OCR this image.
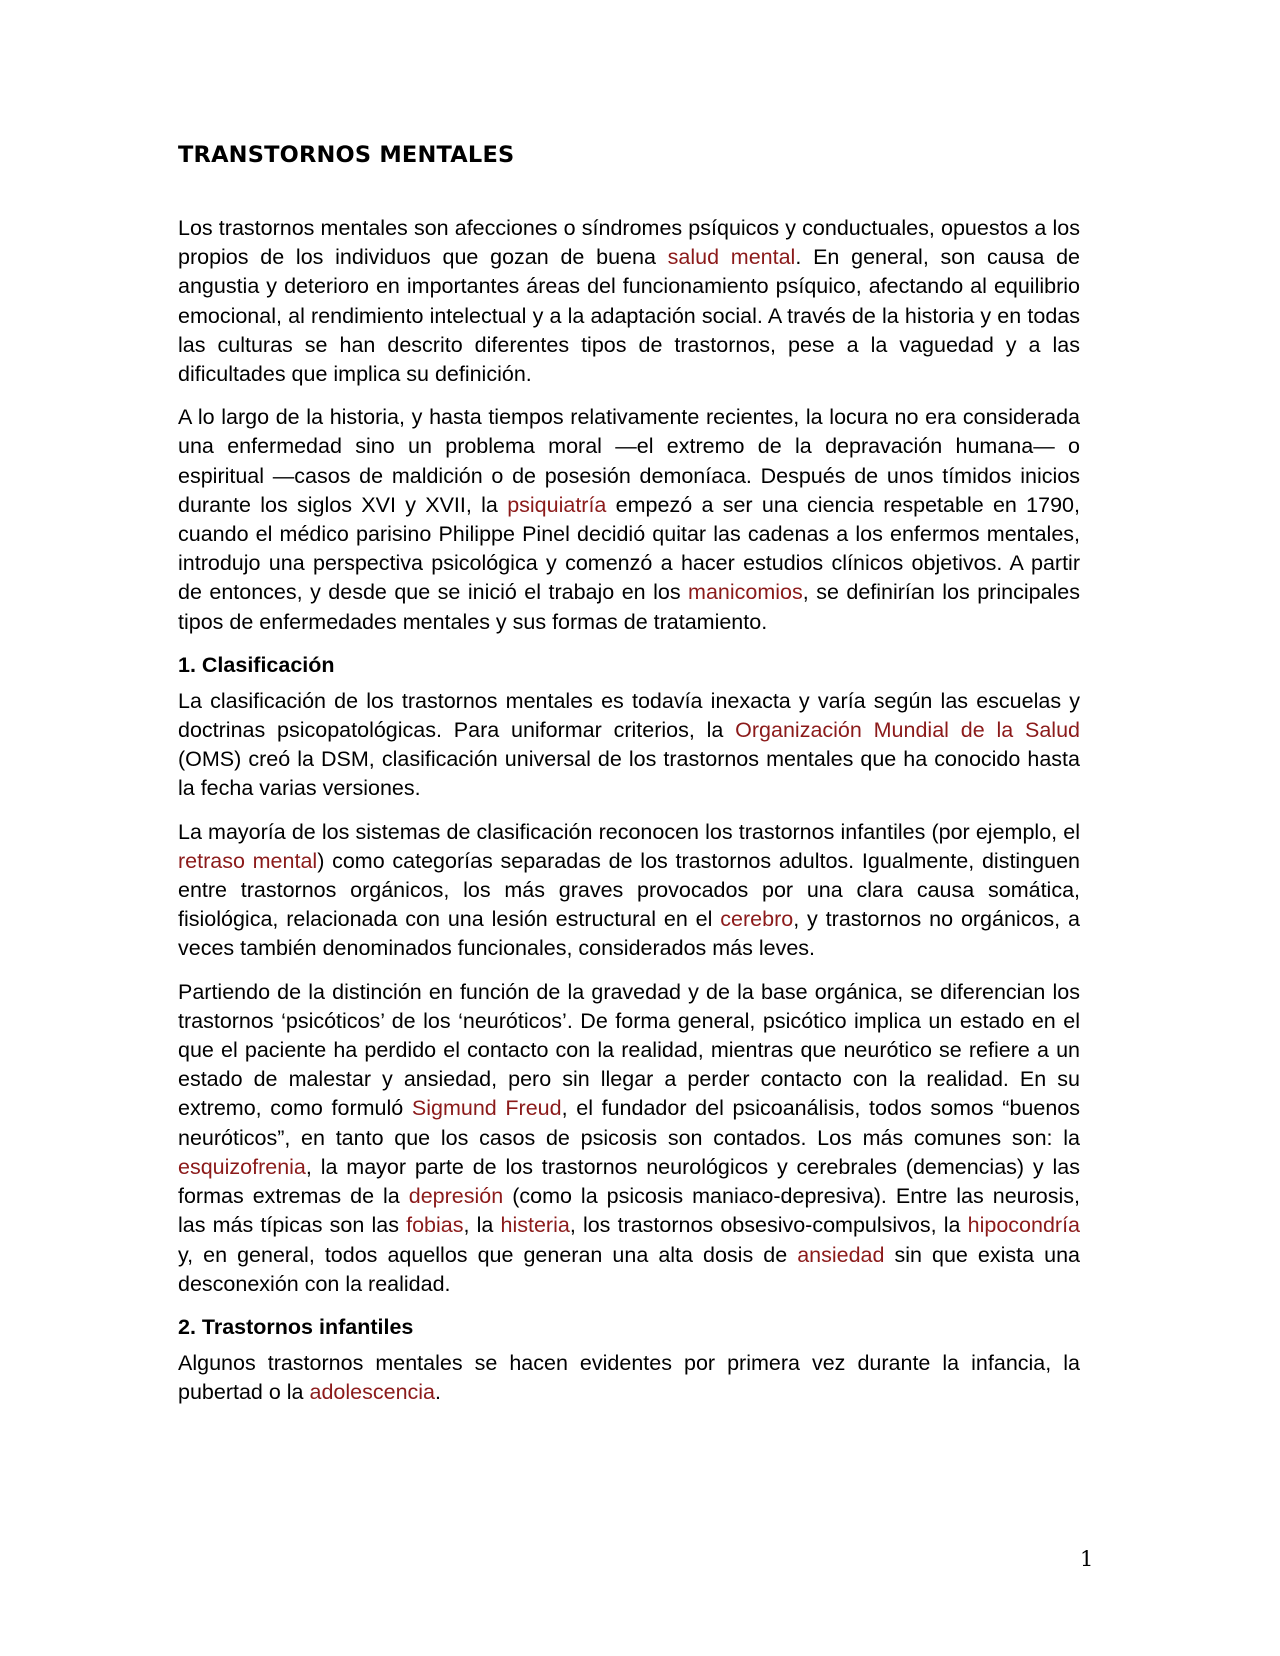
TRANSTORNOS MENTALES

Los trastornos mentales son afecciones o síndromes psíquicos y conductuales, opuestos a los propios de los individuos que gozan de buena salud mental. En general, son causa de angustia y deterioro en importantes áreas del funcionamiento psíquico, afectando al equilibrio emocional, al rendimiento intelectual y a la adaptación social. A través de la historia y en todas las culturas se han descrito diferentes tipos de trastornos, pese a la vaguedad y a las dificultades que implica su definición.

A lo largo de la historia, y hasta tiempos relativamente recientes, la locura no era considerada una enfermedad sino un problema moral —el extremo de la depravación humana— o espiritual —casos de maldición o de posesión demoníaca. Después de unos tímidos inicios durante los siglos XVI y XVII, la psiquiatría empezó a ser una ciencia respetable en 1790, cuando el médico parisino Philippe Pinel decidió quitar las cadenas a los enfermos mentales, introdujo una perspectiva psicológica y comenzó a hacer estudios clínicos objetivos. A partir de entonces, y desde que se inició el trabajo en los manicomios, se definirían los principales tipos de enfermedades mentales y sus formas de tratamiento.

1. Clasificación

La clasificación de los trastornos mentales es todavía inexacta y varía según las escuelas y doctrinas psicopatológicas. Para uniformar criterios, la Organización Mundial de la Salud (OMS) creó la DSM, clasificación universal de los trastornos mentales que ha conocido hasta la fecha varias versiones.

La mayoría de los sistemas de clasificación reconocen los trastornos infantiles (por ejemplo, el retraso mental) como categorías separadas de los trastornos adultos. Igualmente, distinguen entre trastornos orgánicos, los más graves provocados por una clara causa somática, fisiológica, relacionada con una lesión estructural en el cerebro, y trastornos no orgánicos, a veces también denominados funcionales, considerados más leves.

Partiendo de la distinción en función de la gravedad y de la base orgánica, se diferencian los trastornos ‘psicóticos’ de los ‘neuróticos’. De forma general, psicótico implica un estado en el que el paciente ha perdido el contacto con la realidad, mientras que neurótico se refiere a un estado de malestar y ansiedad, pero sin llegar a perder contacto con la realidad. En su extremo, como formuló Sigmund Freud, el fundador del psicoanálisis, todos somos “buenos neuróticos”, en tanto que los casos de psicosis son contados. Los más comunes son: la esquizofrenia, la mayor parte de los trastornos neurológicos y cerebrales (demencias) y las formas extremas de la depresión (como la psicosis maniaco-depresiva). Entre las neurosis, las más típicas son las fobias, la histeria, los trastornos obsesivo-compulsivos, la hipocondría y, en general, todos aquellos que generan una alta dosis de ansiedad sin que exista una desconexión con la realidad.

2. Trastornos infantiles

Algunos trastornos mentales se hacen evidentes por primera vez durante la infancia, la pubertad o la adolescencia.

1
